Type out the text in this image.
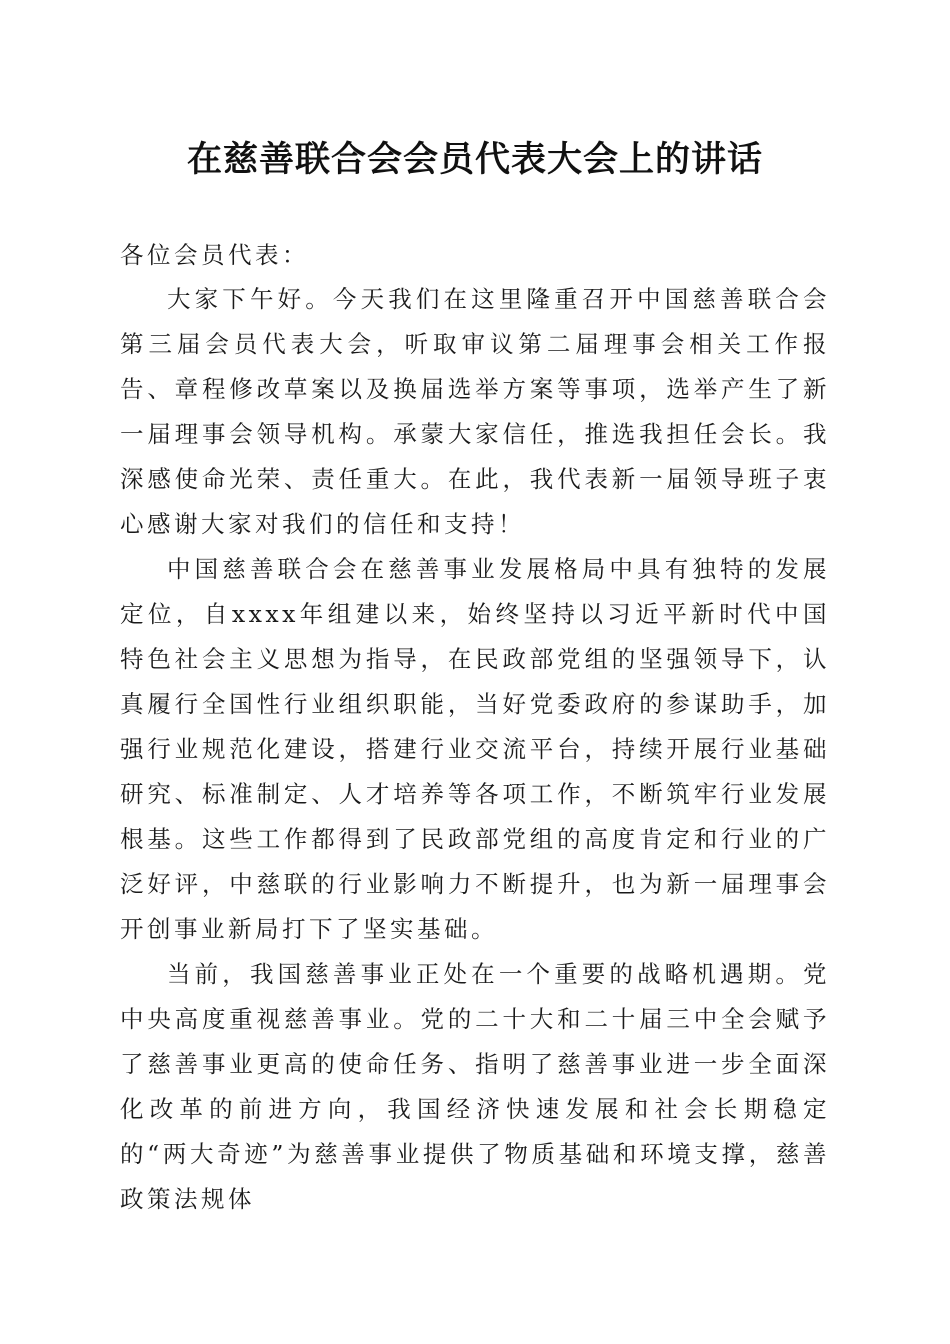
在慈善联合会会员代表大会上的讲话

各位会员代表：

大家下午好。今天我们在这里隆重召开中国慈善联合会第三届会员代表大会，听取审议第二届理事会相关工作报告、章程修改草案以及换届选举方案等事项，选举产生了新一届理事会领导机构。承蒙大家信任，推选我担任会长。我深感使命光荣、责任重大。在此，我代表新一届领导班子衷心感谢大家对我们的信任和支持！

中国慈善联合会在慈善事业发展格局中具有独特的发展定位，自xxxx年组建以来，始终坚持以习近平新时代中国特色社会主义思想为指导，在民政部党组的坚强领导下，认真履行全国性行业组织职能，当好党委政府的参谋助手，加强行业规范化建设，搭建行业交流平台，持续开展行业基础研究、标准制定、人才培养等各项工作，不断筑牢行业发展根基。这些工作都得到了民政部党组的高度肯定和行业的广泛好评，中慈联的行业影响力不断提升，也为新一届理事会开创事业新局打下了坚实基础。

当前，我国慈善事业正处在一个重要的战略机遇期。党中央高度重视慈善事业。党的二十大和二十届三中全会赋予了慈善事业更高的使命任务、指明了慈善事业进一步全面深化改革的前进方向，我国经济快速发展和社会长期稳定的“两大奇迹”为慈善事业提供了物质基础和环境支撑，慈善政策法规体
